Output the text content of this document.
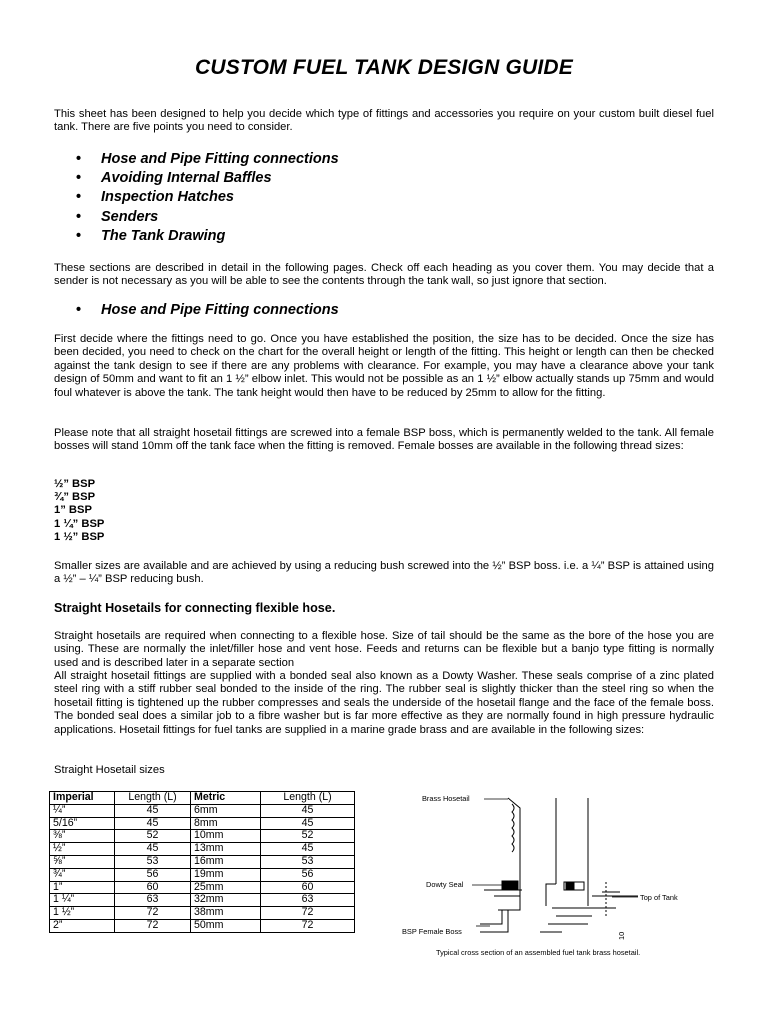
CUSTOM FUEL TANK DESIGN GUIDE
This sheet has been designed to help you decide which type of fittings and accessories you require on your custom built diesel fuel tank. There are five points you need to consider.
• Hose and Pipe Fitting connections
• Avoiding Internal Baffles
• Inspection Hatches
• Senders
• The Tank Drawing
These sections are described in detail in the following pages. Check off each heading as you cover them. You may decide that a sender is not necessary as you will be able to see the contents through the tank wall, so just ignore that section.
• Hose and Pipe Fitting connections
First decide where the fittings need to go. Once you have established the position, the size has to be decided. Once the size has been decided, you need to check on the chart for the overall height or length of the fitting. This height or length can then be checked against the tank design to see if there are any problems with clearance. For example, you may have a clearance above your tank design of 50mm and want to fit an 1 ½” elbow inlet. This would not be possible as an 1 ½” elbow actually stands up 75mm and would foul whatever is above the tank. The tank height would then have to be reduced by 25mm to allow for the fitting.
Please note that all straight hosetail fittings are screwed into a female BSP boss, which is permanently welded to the tank. All female bosses will stand 10mm off the tank face when the fitting is removed. Female bosses are available in the following thread sizes:
½” BSP
¾” BSP
1” BSP
1 ¼” BSP
1 ½” BSP
Smaller sizes are available and are achieved by using a reducing bush screwed into the ½” BSP boss. i.e. a ¼” BSP is attained using a ½” – ¼” BSP reducing bush.
Straight Hosetails for connecting flexible hose.
Straight hosetails are required when connecting to a flexible hose. Size of tail should be the same as the bore of the hose you are using. These are normally the inlet/filler hose and vent hose. Feeds and returns can be flexible but a banjo type fitting is normally used and is described later in a separate section
All straight hosetail fittings are supplied with a bonded seal also known as a Dowty Washer. These seals comprise of a zinc plated steel ring with a stiff rubber seal bonded to the inside of the ring. The rubber seal is slightly thicker than the steel ring so when the hosetail fitting is tightened up the rubber compresses and seals the underside of the hosetail flange and the face of the female boss. The bonded seal does a similar job to a fibre washer but is far more effective as they are normally found in high pressure hydraulic applications. Hosetail fittings for fuel tanks are supplied in a marine grade brass and are available in the following sizes:
Straight Hosetail sizes
Imperial	Length (L)	Metric	Length (L)
¼”	45	6mm	45
5/16”	45	8mm	45
⅜”	52	10mm	52
½”	45	13mm	45
⅝”	53	16mm	53
¾”	56	19mm	56
1”	60	25mm	60
1 ¼”	63	32mm	63
1 ½”	72	38mm	72
2”	72	50mm	72
Brass Hosetail
Dowty Seal
BSP Female Boss
Top of Tank
10
Typical cross section of an assembled fuel tank brass hosetail.
